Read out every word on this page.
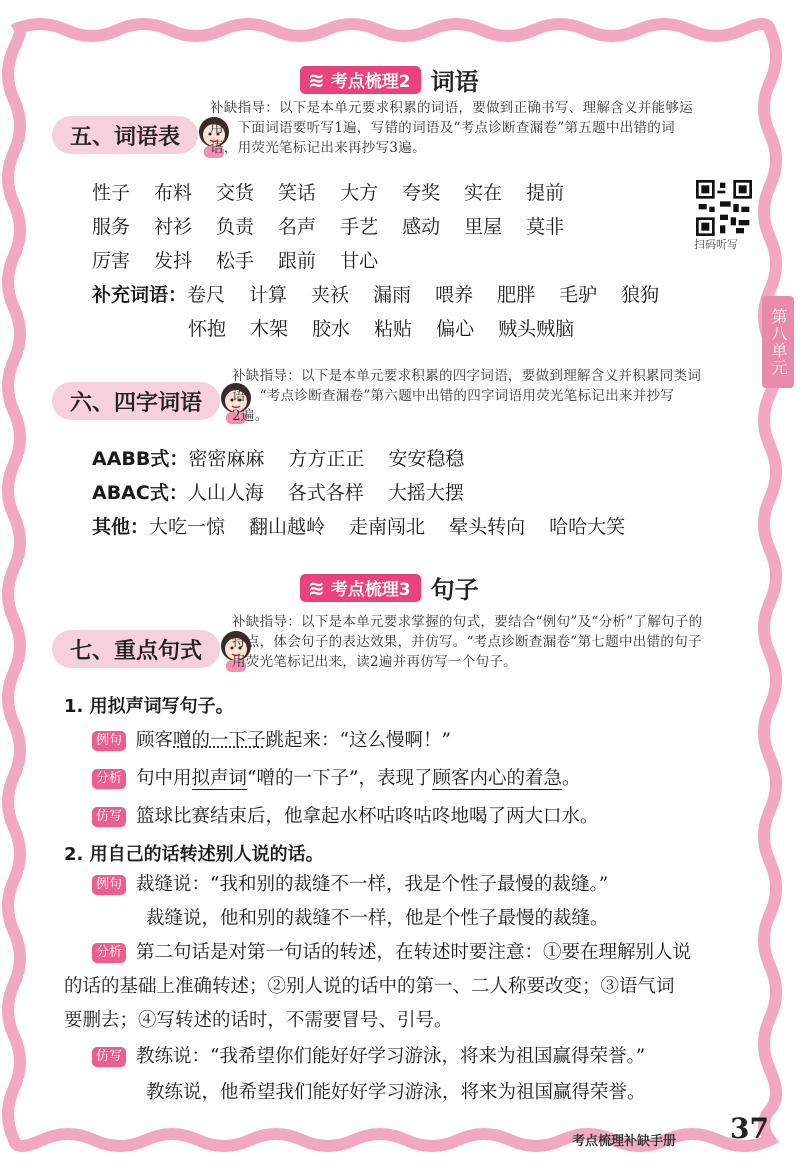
第八单元
≋ 考点梳理2 词语
五、词语表
补缺指导：以下是本单元要求积累的词语，要做到正确书写、理解含义并能够运
用。下面词语要听写1遍，写错的词语及“考点诊断查漏卷”第五题中出错的词
语，用荧光笔标记出来再抄写3遍。
性子 布料 交货 笑话 大方 夸奖 实在 提前
服务 衬衫 负责 名声 手艺 感动 里屋 莫非
厉害 发抖 松手 跟前 甘心
补充词语： 卷尺 计算 夹袄 漏雨 喂养 肥胖 毛驴 狼狗
怀抱 木架 胶水 粘贴 偏心 贼头贼脑
扫码听写
六、四字词语
补缺指导：以下是本单元要求积累的四字词语，要做到理解含义并积累同类词
语。“考点诊断查漏卷”第六题中出错的四字词语用荧光笔标记出来并抄写
2遍。
AABB式： 密密麻麻 方方正正 安安稳稳
ABAC式： 人山人海 各式各样 大摇大摆
其他： 大吃一惊 翻山越岭 走南闯北 晕头转向 哈哈大笑
≋ 考点梳理3 句子
七、重点句式
补缺指导：以下是本单元要求掌握的句式，要结合“例句”及“分析”了解句子的
特点，体会句子的表达效果，并仿写。“考点诊断查漏卷”第七题中出错的句子
用荧光笔标记出来，读2遍并再仿写一个句子。
1. 用拟声词写句子。
例句 顾客噌的一下子跳起来：“这么慢啊！”
分析 句中用拟声词“噌的一下子”，表现了顾客内心的着急。
仿写 篮球比赛结束后，他拿起水杯咕咚咕咚地喝了两大口水。
2. 用自己的话转述别人说的话。
例句 裁缝说：“我和别的裁缝不一样，我是个性子最慢的裁缝。”
裁缝说，他和别的裁缝不一样，他是个性子最慢的裁缝。
分析 第二句话是对第一句话的转述，在转述时要注意：①要在理解别人说
的话的基础上准确转述；②别人说的话中的第一、二人称要改变；③语气词
要删去；④写转述的话时，不需要冒号、引号。
仿写 教练说：“我希望你们能好好学习游泳，将来为祖国赢得荣誉。”
教练说，他希望我们能好好学习游泳，将来为祖国赢得荣誉。
考点梳理补缺手册 37
